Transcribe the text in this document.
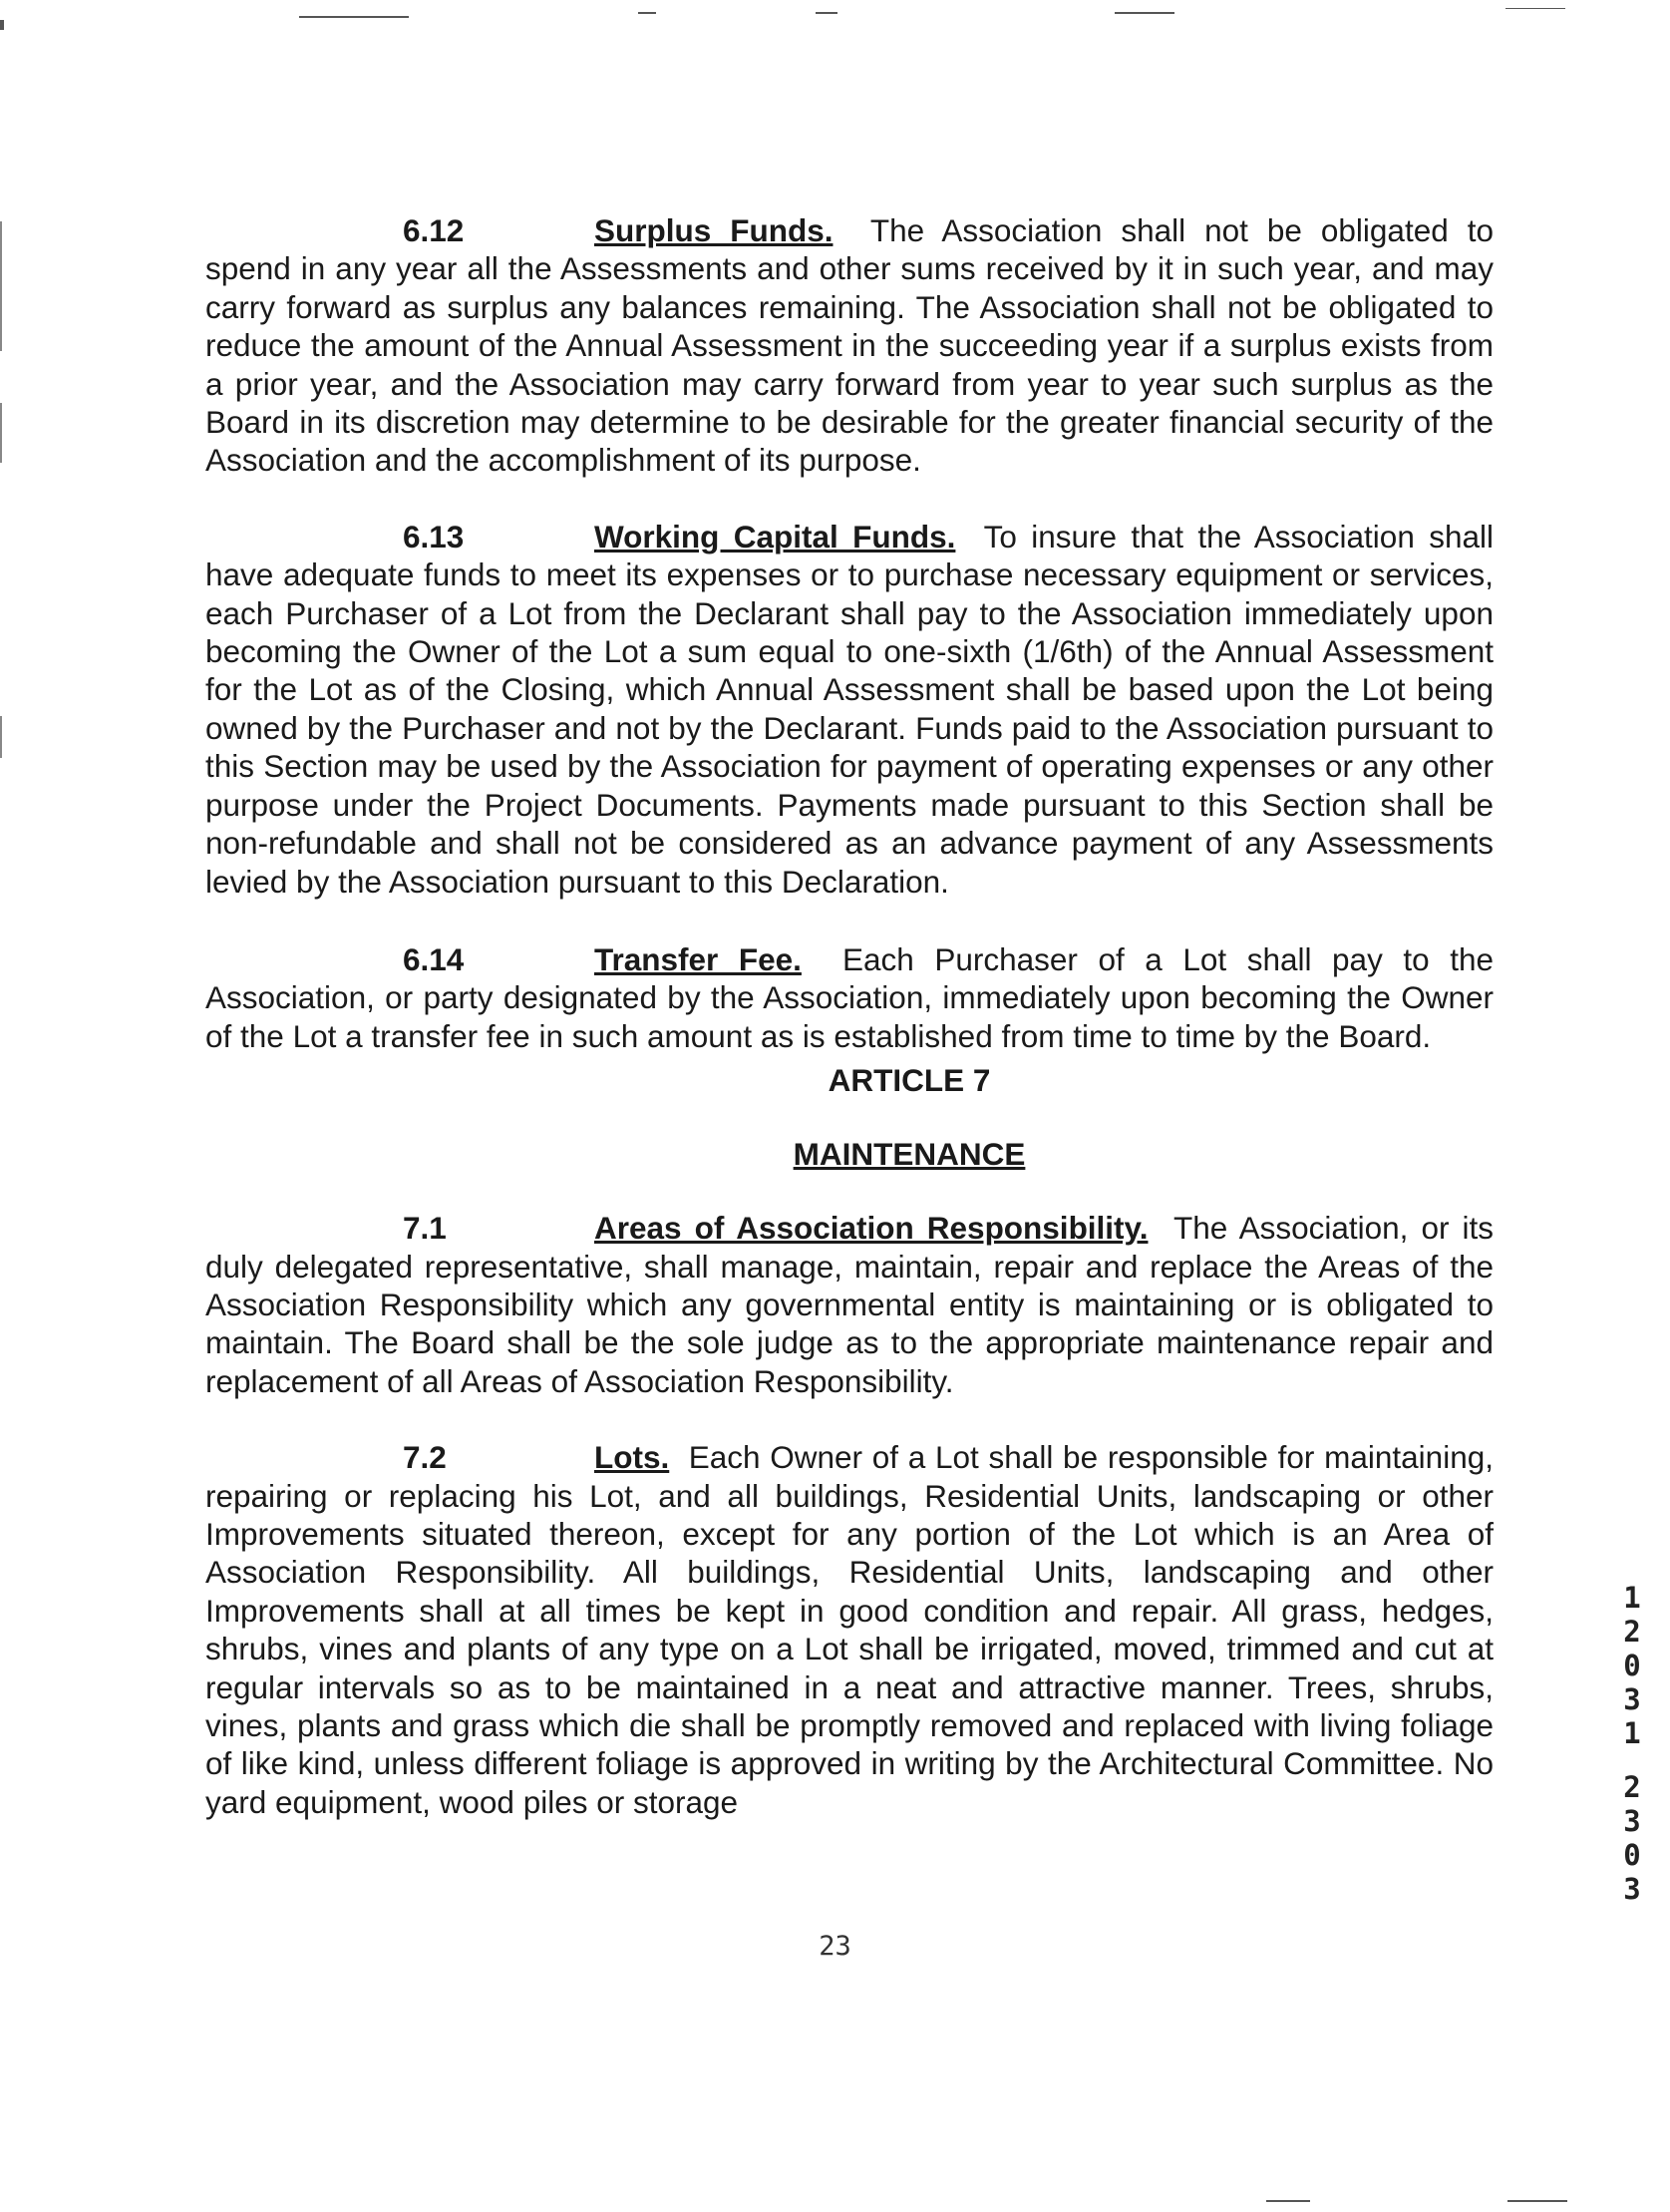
6.12	Surplus Funds. The Association shall not be obligated to spend in any year all the Assessments and other sums received by it in such year, and may carry forward as surplus any balances remaining. The Association shall not be obligated to reduce the amount of the Annual Assessment in the succeeding year if a surplus exists from a prior year, and the Association may carry forward from year to year such surplus as the Board in its discretion may determine to be desirable for the greater financial security of the Association and the accomplishment of its purpose.

6.13	Working Capital Funds. To insure that the Association shall have adequate funds to meet its expenses or to purchase necessary equipment or services, each Purchaser of a Lot from the Declarant shall pay to the Association immediately upon becoming the Owner of the Lot a sum equal to one-sixth (1/6th) of the Annual Assessment for the Lot as of the Closing, which Annual Assessment shall be based upon the Lot being owned by the Purchaser and not by the Declarant. Funds paid to the Association pursuant to this Section may be used by the Association for payment of operating expenses or any other purpose under the Project Documents. Payments made pursuant to this Section shall be non-refundable and shall not be considered as an advance payment of any Assessments levied by the Association pursuant to this Declaration.

6.14	Transfer Fee. Each Purchaser of a Lot shall pay to the Association, or party designated by the Association, immediately upon becoming the Owner of the Lot a transfer fee in such amount as is established from time to time by the Board.

ARTICLE 7

MAINTENANCE

7.1	Areas of Association Responsibility. The Association, or its duly delegated representative, shall manage, maintain, repair and replace the Areas of the Association Responsibility which any governmental entity is maintaining or is obligated to maintain. The Board shall be the sole judge as to the appropriate maintenance repair and replacement of all Areas of Association Responsibility.

7.2	Lots. Each Owner of a Lot shall be responsible for maintaining, repairing or replacing his Lot, and all buildings, Residential Units, landscaping or other Improvements situated thereon, except for any portion of the Lot which is an Area of Association Responsibility. All buildings, Residential Units, landscaping and other Improvements shall at all times be kept in good condition and repair. All grass, hedges, shrubs, vines and plants of any type on a Lot shall be irrigated, moved, trimmed and cut at regular intervals so as to be maintained in a neat and attractive manner. Trees, shrubs, vines, plants and grass which die shall be promptly removed and replaced with living foliage of like kind, unless different foliage is approved in writing by the Architectural Committee. No yard equipment, wood piles or storage

23
1
2
0
3
1
2
3
0
3
